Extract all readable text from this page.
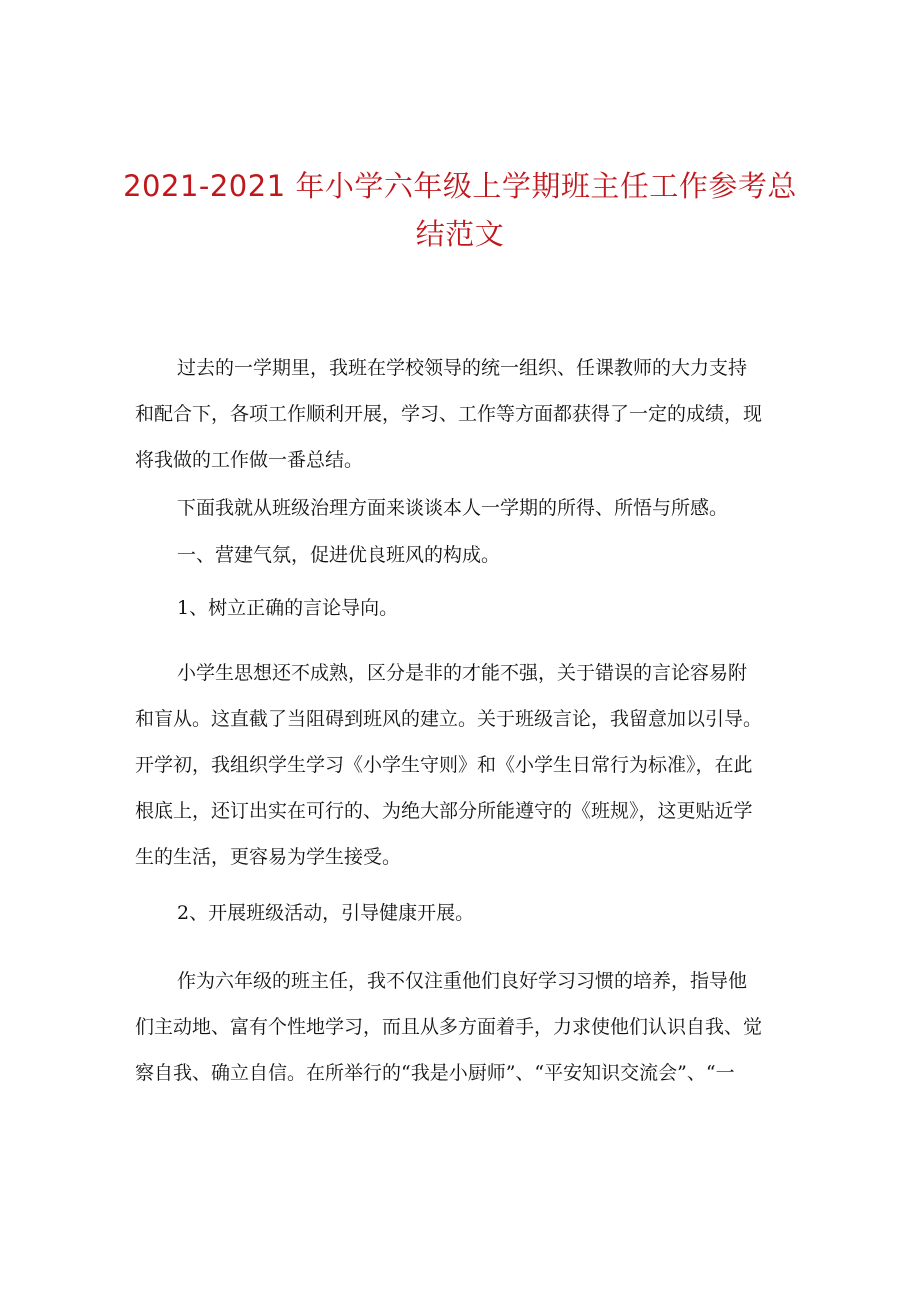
2021-2021 年小学六年级上学期班主任工作参考总
结范文
过去的一学期里，我班在学校领导的统一组织、任课教师的大力支持
和配合下，各项工作顺利开展，学习、工作等方面都获得了一定的成绩，现
将我做的工作做一番总结。
下面我就从班级治理方面来谈谈本人一学期的所得、所悟与所感。
一、营建气氛，促进优良班风的构成。
1、树立正确的言论导向。
小学生思想还不成熟，区分是非的才能不强，关于错误的言论容易附
和盲从。这直截了当阻碍到班风的建立。关于班级言论，我留意加以引导。
开学初，我组织学生学习《小学生守则》和《小学生日常行为标准》，在此
根底上，还订出实在可行的、为绝大部分所能遵守的《班规》，这更贴近学
生的生活，更容易为学生接受。
2、开展班级活动，引导健康开展。
作为六年级的班主任，我不仅注重他们良好学习习惯的培养，指导他
们主动地、富有个性地学习，而且从多方面着手，力求使他们认识自我、觉
察自我、确立自信。在所举行的“我是小厨师”、“平安知识交流会”、“一
